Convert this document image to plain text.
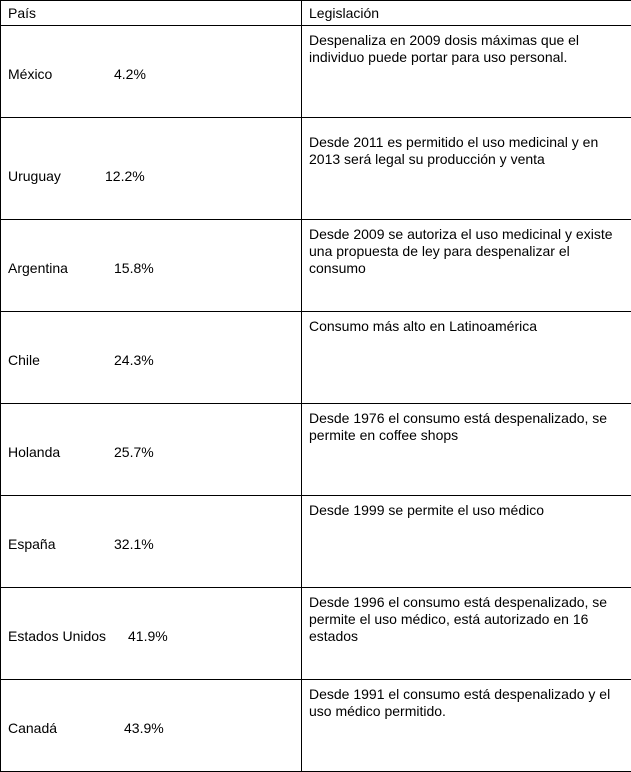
País	Legislación

México 4.2%	Despenaliza en 2009 dosis máximas que el individuo puede portar para uso personal.

Uruguay 12.2%	Desde 2011 es permitido el uso medicinal y en 2013 será legal su producción y venta

Argentina 15.8%	Desde 2009 se autoriza el uso medicinal y existe una propuesta de ley para despenalizar el consumo

Chile 24.3%	Consumo más alto en Latinoamérica

Holanda 25.7%	Desde 1976 el consumo está despenalizado, se permite en coffee shops

España 32.1%	Desde 1999 se permite el uso médico

Estados Unidos 41.9%	Desde 1996 el consumo está despenalizado, se permite el uso médico, está autorizado en 16 estados

Canadá 43.9%	Desde 1991 el consumo está despenalizado y el uso médico permitido.
